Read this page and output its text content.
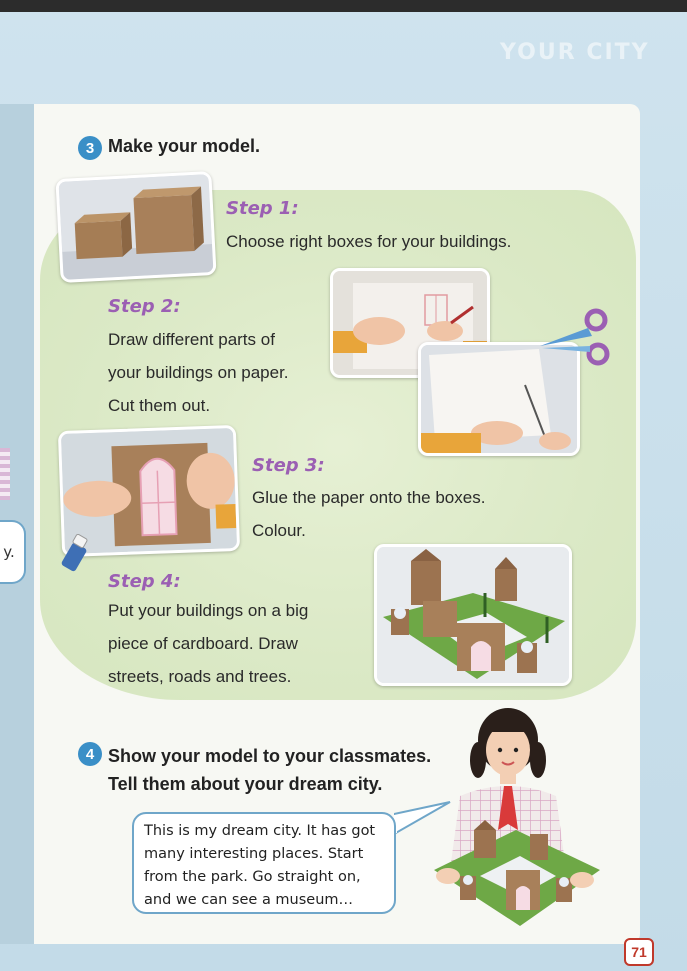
y.
YOUR CITY
3 Make your model.
Step 1:
Choose right boxes for your buildings.
Step 2:
Draw different parts of
your buildings on paper.
Cut them out.
Step 3:
Glue the paper onto the boxes.
Colour.
Step 4:
Put your buildings on a big
piece of cardboard. Draw
streets, roads and trees.
4 Show your model to your classmates.
Tell them about your dream city.
This is my dream city. It has got
many interesting places. Start
from the park. Go straight on,
and we can see a museum…
71
